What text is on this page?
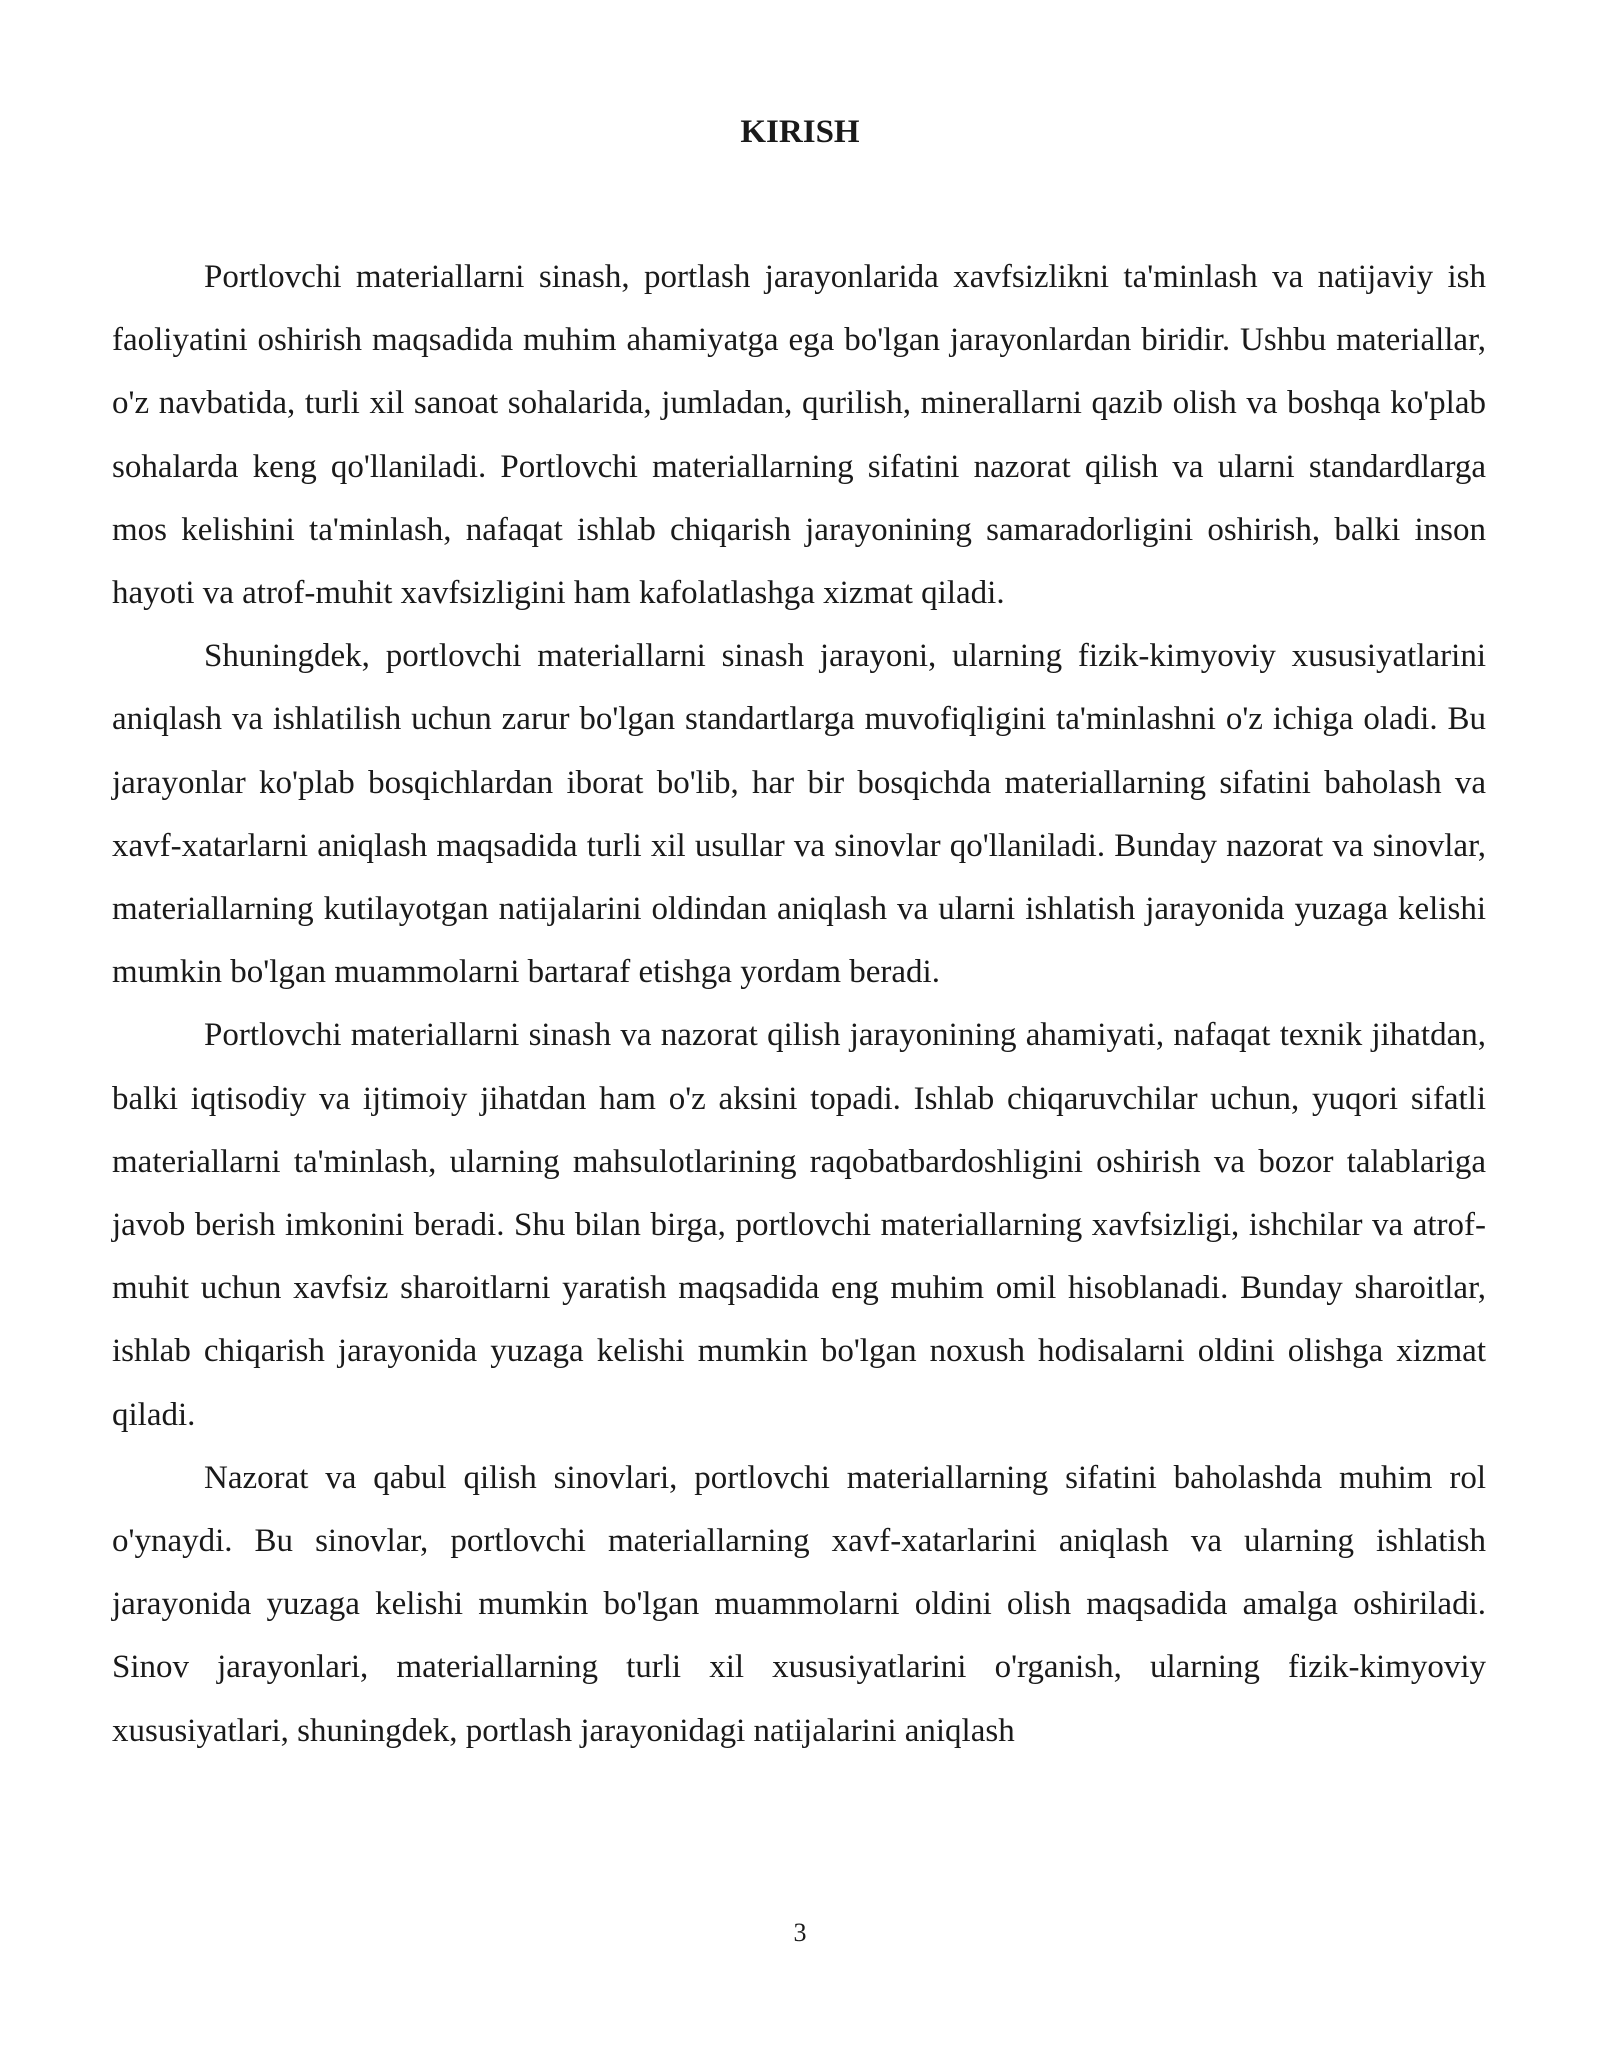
KIRISH

Portlovchi materiallarni sinash, portlash jarayonlarida xavfsizlikni ta'minlash va natijaviy ish faoliyatini oshirish maqsadida muhim ahamiyatga ega bo'lgan jarayonlardan biridir. Ushbu materiallar, o'z navbatida, turli xil sanoat sohalarida, jumladan, qurilish, minerallarni qazib olish va boshqa ko'plab sohalarda keng qo'llaniladi. Portlovchi materiallarning sifatini nazorat qilish va ularni standardlarga mos kelishini ta'minlash, nafaqat ishlab chiqarish jarayonining samaradorligini oshirish, balki inson hayoti va atrof-muhit xavfsizligini ham kafolatlashga xizmat qiladi.

Shuningdek, portlovchi materiallarni sinash jarayoni, ularning fizik-kimyoviy xususiyatlarini aniqlash va ishlatilish uchun zarur bo'lgan standartlarga muvofiqligini ta'minlashni o'z ichiga oladi. Bu jarayonlar ko'plab bosqichlardan iborat bo'lib, har bir bosqichda materiallarning sifatini baholash va xavf-xatarlarni aniqlash maqsadida turli xil usullar va sinovlar qo'llaniladi. Bunday nazorat va sinovlar, materiallarning kutilayotgan natijalarini oldindan aniqlash va ularni ishlatish jarayonida yuzaga kelishi mumkin bo'lgan muammolarni bartaraf etishga yordam beradi.

Portlovchi materiallarni sinash va nazorat qilish jarayonining ahamiyati, nafaqat texnik jihatdan, balki iqtisodiy va ijtimoiy jihatdan ham o'z aksini topadi. Ishlab chiqaruvchilar uchun, yuqori sifatli materiallarni ta'minlash, ularning mahsulotlarining raqobatbardoshligini oshirish va bozor talablariga javob berish imkonini beradi. Shu bilan birga, portlovchi materiallarning xavfsizligi, ishchilar va atrof-muhit uchun xavfsiz sharoitlarni yaratish maqsadida eng muhim omil hisoblanadi. Bunday sharoitlar, ishlab chiqarish jarayonida yuzaga kelishi mumkin bo'lgan noxush hodisalarni oldini olishga xizmat qiladi.

Nazorat va qabul qilish sinovlari, portlovchi materiallarning sifatini baholashda muhim rol o'ynaydi. Bu sinovlar, portlovchi materiallarning xavf-xatarlarini aniqlash va ularning ishlatish jarayonida yuzaga kelishi mumkin bo'lgan muammolarni oldini olish maqsadida amalga oshiriladi. Sinov jarayonlari, materiallarning turli xil xususiyatlarini o'rganish, ularning fizik-kimyoviy xususiyatlari, shuningdek, portlash jarayonidagi natijalarini aniqlash

3
